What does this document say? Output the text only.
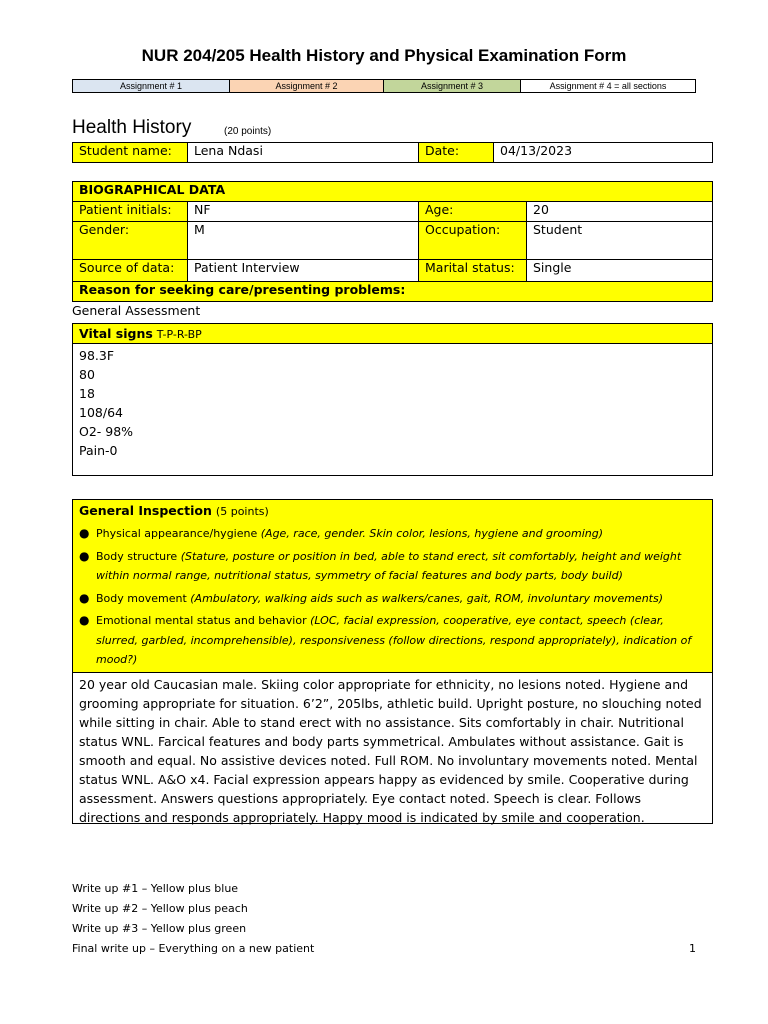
NUR 204/205 Health History and Physical Examination Form
Assignment # 1	Assignment # 2	Assignment # 3	Assignment # 4 = all sections
Health History	(20 points)
Student name:	Lena Ndasi	Date:	04/13/2023
BIOGRAPHICAL DATA			
Patient initials:	NF	Age:	20
Gender:	M	Occupation:	Student
Source of data:	Patient Interview	Marital status:	Single
Reason for seeking care/presenting problems:			
General Assessment
Vital signs T-P-R-BP
98.3F
80
18
108/64
O2- 98%
Pain-0
General Inspection (5 points)
● Physical appearance/hygiene (Age, race, gender. Skin color, lesions, hygiene and grooming)
● Body structure (Stature, posture or position in bed, able to stand erect, sit comfortably, height and weight within normal range, nutritional status, symmetry of facial features and body parts, body build)
● Body movement (Ambulatory, walking aids such as walkers/canes, gait, ROM, involuntary movements)
● Emotional mental status and behavior (LOC, facial expression, cooperative, eye contact, speech (clear, slurred, garbled, incomprehensible), responsiveness (follow directions, respond appropriately), indication of mood?)
20 year old Caucasian male. Skiing color appropriate for ethnicity, no lesions noted. Hygiene and grooming appropriate for situation. 6’2”, 205lbs, athletic build. Upright posture, no slouching noted while sitting in chair. Able to stand erect with no assistance. Sits comfortably in chair. Nutritional status WNL. Farcical features and body parts symmetrical. Ambulates without assistance. Gait is smooth and equal. No assistive devices noted. Full ROM. No involuntary movements noted. Mental status WNL. A&O x4. Facial expression appears happy as evidenced by smile. Cooperative during assessment. Answers questions appropriately. Eye contact noted. Speech is clear. Follows directions and responds appropriately. Happy mood is indicated by smile and cooperation.
Write up #1 – Yellow plus blue
Write up #2 – Yellow plus peach
Write up #3 – Yellow plus green
Final write up – Everything on a new patient	1
